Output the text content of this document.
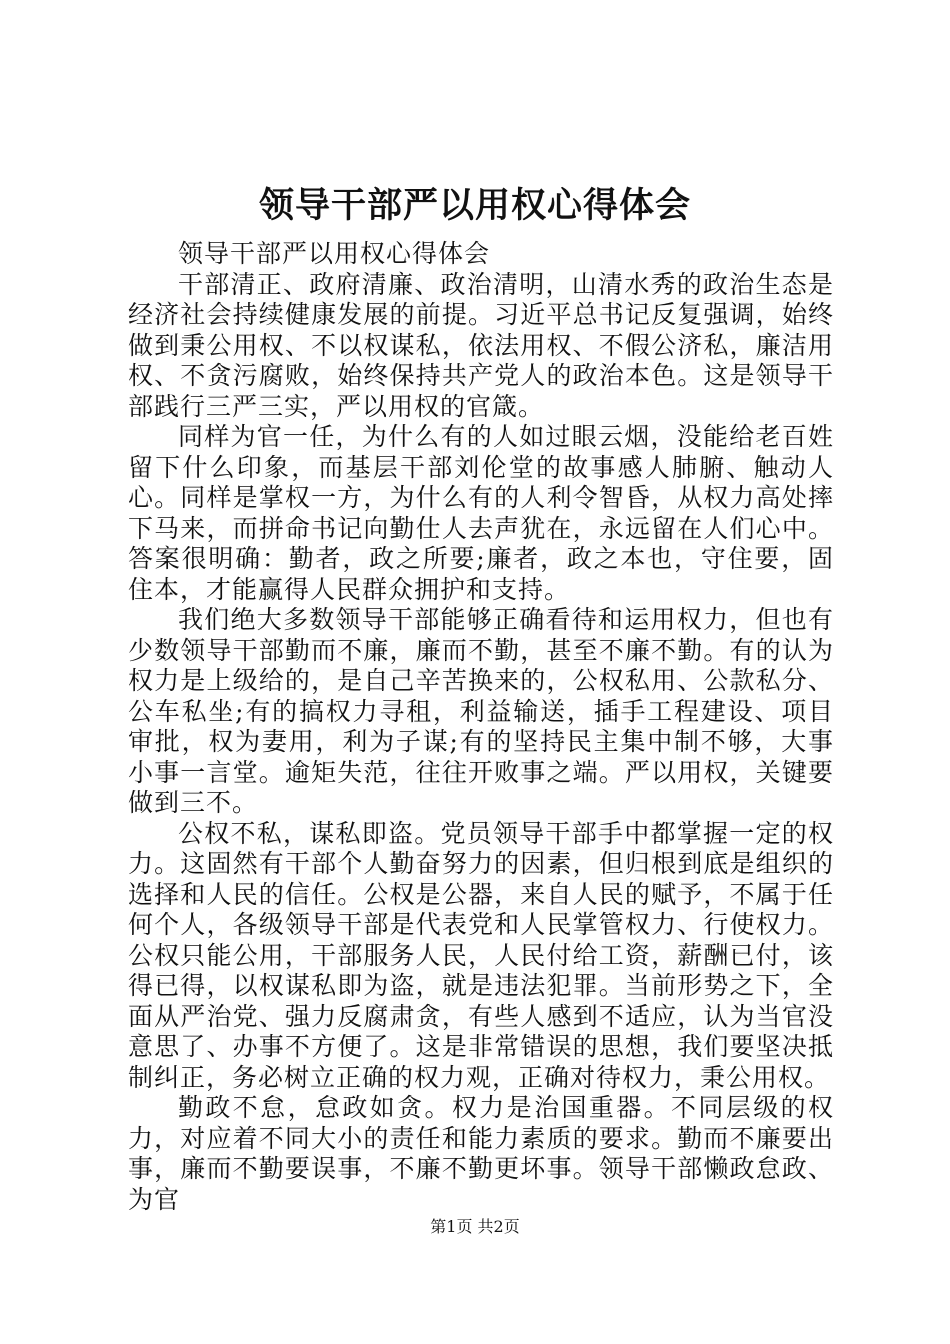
领导干部严以用权心得体会

领导干部严以用权心得体会

干部清正、政府清廉、政治清明，山清水秀的政治生态是经济社会持续健康发展的前提。习近平总书记反复强调，始终做到秉公用权、不以权谋私，依法用权、不假公济私，廉洁用权、不贪污腐败，始终保持共产党人的政治本色。这是领导干部践行三严三实，严以用权的官箴。

同样为官一任，为什么有的人如过眼云烟，没能给老百姓留下什么印象，而基层干部刘伦堂的故事感人肺腑、触动人心。同样是掌权一方，为什么有的人利令智昏，从权力高处摔下马来，而拼命书记向勤仕人去声犹在，永远留在人们心中。答案很明确：勤者，政之所要;廉者，政之本也，守住要，固住本，才能赢得人民群众拥护和支持。

我们绝大多数领导干部能够正确看待和运用权力，但也有少数领导干部勤而不廉，廉而不勤，甚至不廉不勤。有的认为权力是上级给的，是自己辛苦换来的，公权私用、公款私分、公车私坐;有的搞权力寻租，利益输送，插手工程建设、项目审批，权为妻用，利为子谋;有的坚持民主集中制不够，大事小事一言堂。逾矩失范，往往开败事之端。严以用权，关键要做到三不。

公权不私，谋私即盗。党员领导干部手中都掌握一定的权力。这固然有干部个人勤奋努力的因素，但归根到底是组织的选择和人民的信任。公权是公器，来自人民的赋予，不属于任何个人，各级领导干部是代表党和人民掌管权力、行使权力。公权只能公用，干部服务人民，人民付给工资，薪酬已付，该得已得，以权谋私即为盗，就是违法犯罪。当前形势之下，全面从严治党、强力反腐肃贪，有些人感到不适应，认为当官没意思了、办事不方便了。这是非常错误的思想，我们要坚决抵制纠正，务必树立正确的权力观，正确对待权力，秉公用权。

勤政不怠，怠政如贪。权力是治国重器。不同层级的权力，对应着不同大小的责任和能力素质的要求。勤而不廉要出事，廉而不勤要误事，不廉不勤更坏事。领导干部懒政怠政、为官

第1页 共2页
